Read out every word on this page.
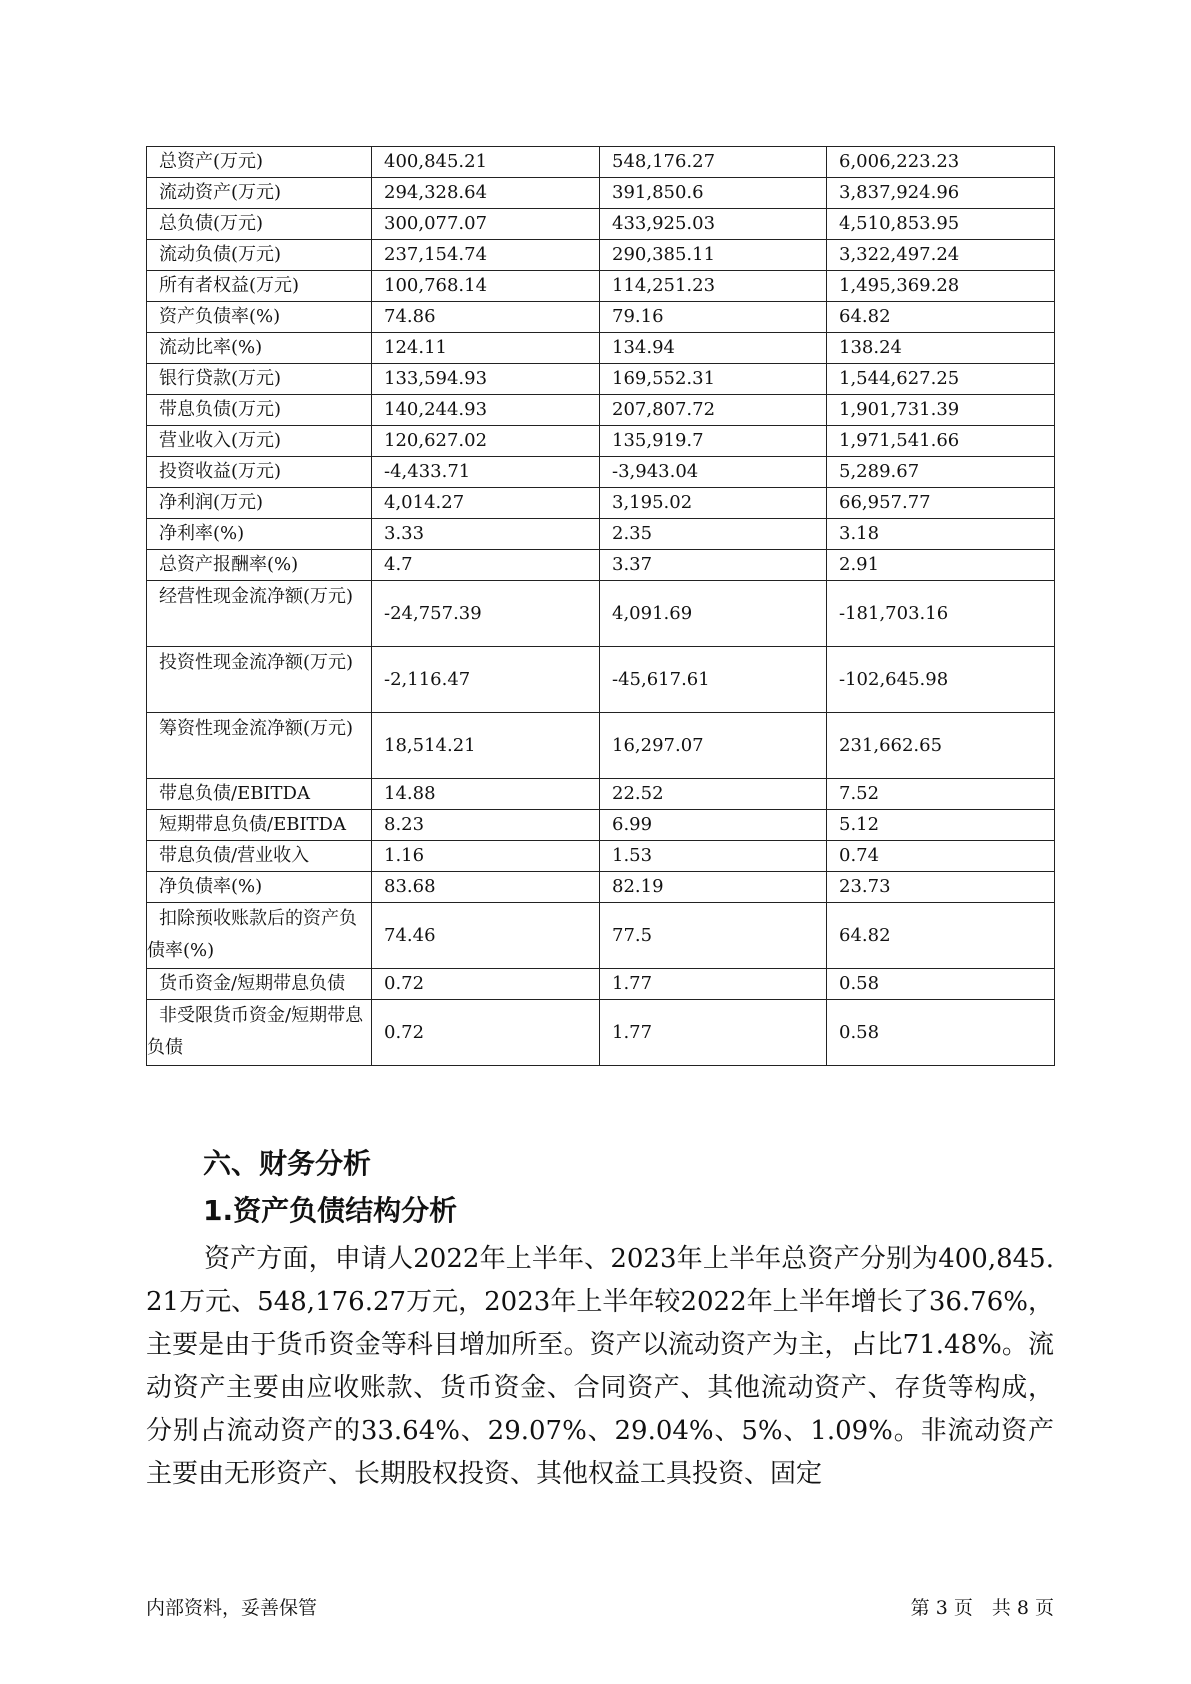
总资产(万元)	400,845.21	548,176.27	6,006,223.23
流动资产(万元)	294,328.64	391,850.6	3,837,924.96
总负债(万元)	300,077.07	433,925.03	4,510,853.95
流动负债(万元)	237,154.74	290,385.11	3,322,497.24
所有者权益(万元)	100,768.14	114,251.23	1,495,369.28
资产负债率(%)	74.86	79.16	64.82
流动比率(%)	124.11	134.94	138.24
银行贷款(万元)	133,594.93	169,552.31	1,544,627.25
带息负债(万元)	140,244.93	207,807.72	1,901,731.39
营业收入(万元)	120,627.02	135,919.7	1,971,541.66
投资收益(万元)	-4,433.71	-3,943.04	5,289.67
净利润(万元)	4,014.27	3,195.02	66,957.77
净利率(%)	3.33	2.35	3.18
总资产报酬率(%)	4.7	3.37	2.91
经营性现金流净额(万元)	-24,757.39	4,091.69	-181,703.16
投资性现金流净额(万元)	-2,116.47	-45,617.61	-102,645.98
筹资性现金流净额(万元)	18,514.21	16,297.07	231,662.65
带息负债/EBITDA	14.88	22.52	7.52
短期带息负债/EBITDA	8.23	6.99	5.12
带息负债/营业收入	1.16	1.53	0.74
净负债率(%)	83.68	82.19	23.73
扣除预收账款后的资产负债率(%)	74.46	77.5	64.82
货币资金/短期带息负债	0.72	1.77	0.58
非受限货币资金/短期带息负债	0.72	1.77	0.58
六、财务分析
1.资产负债结构分析

资产方面，申请人2022年上半年、2023年上半年总资产分别为400,845.21万元、548,176.27万元，2023年上半年较2022年上半年增长了36.76%，主要是由于货币资金等科目增加所至。资产以流动资产为主，占比71.48%。流动资产主要由应收账款、货币资金、合同资产、其他流动资产、存货等构成，分别占流动资产的33.64%、29.07%、29.04%、5%、1.09%。非流动资产主要由无形资产、长期股权投资、其他权益工具投资、固定

内部资料，妥善保管	第 3 页　共 8 页
